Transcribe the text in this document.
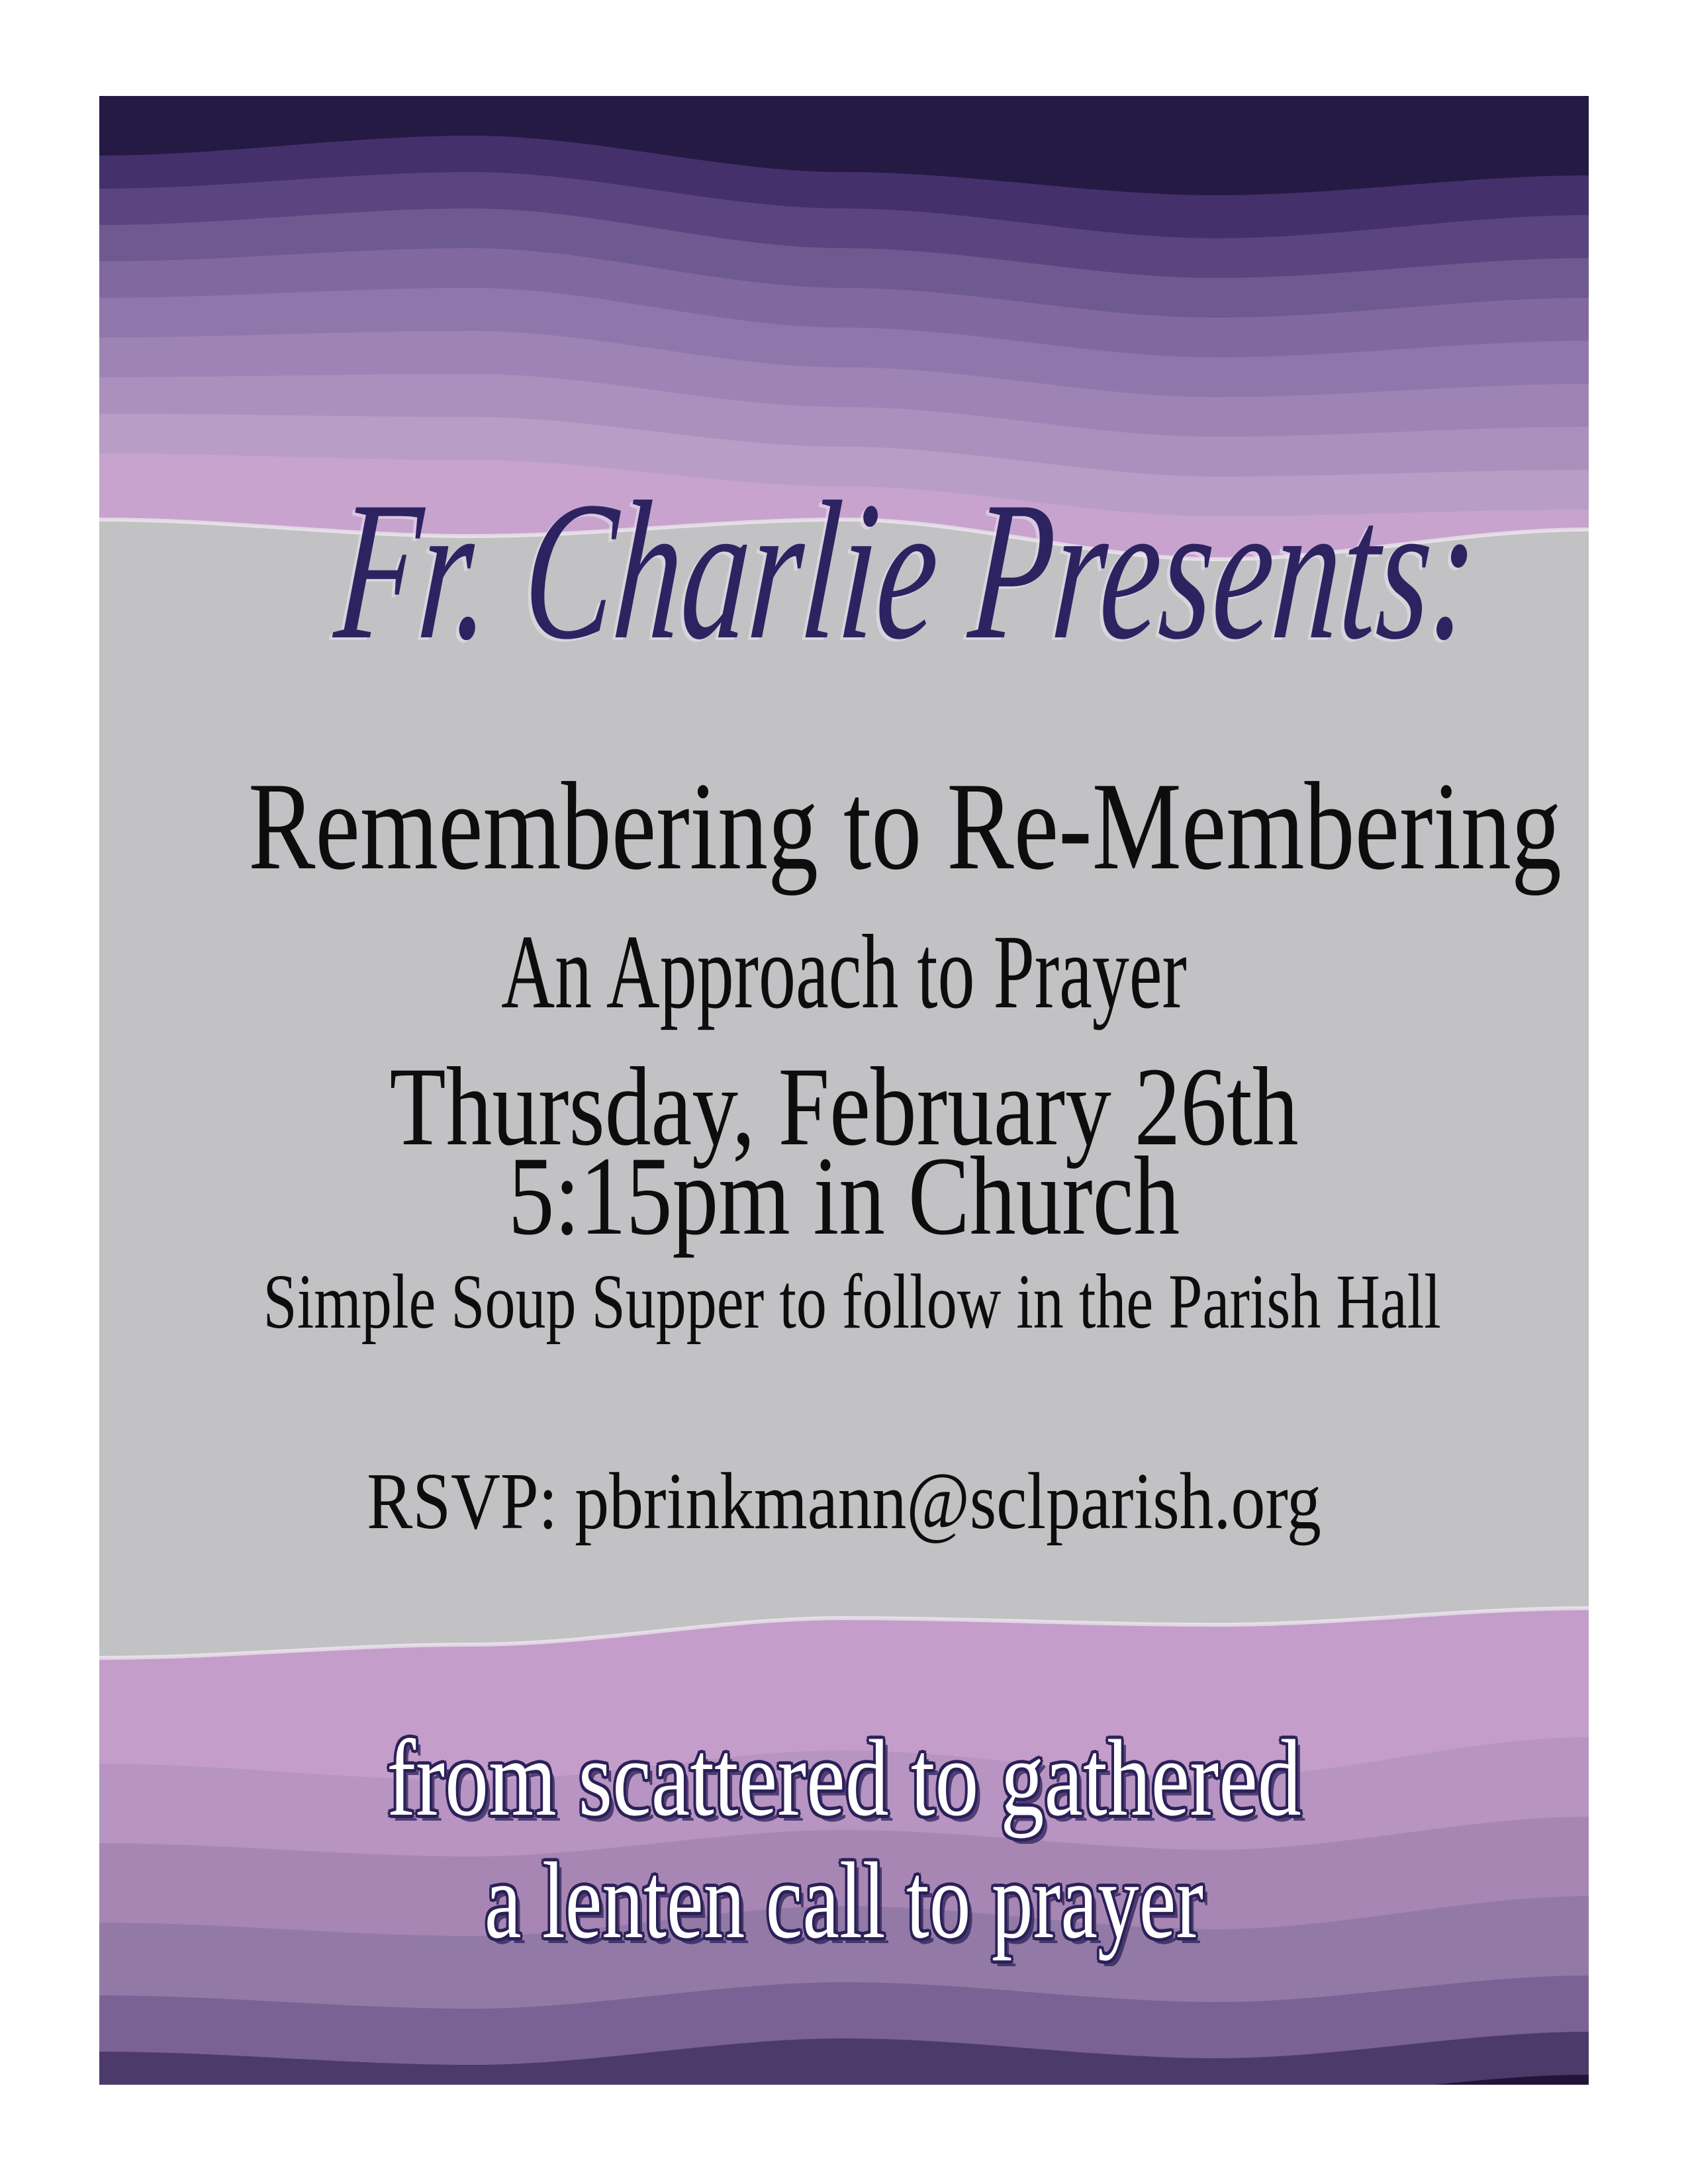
Fr. Charlie Presents:
Remembering to Re-Membering
An Approach to Prayer
Thursday, February 26th
5:15pm in Church
Simple Soup Supper to follow in the Parish Hall
RSVP: pbrinkmann@sclparish.org
from scattered to gathered
a lenten call to prayer
